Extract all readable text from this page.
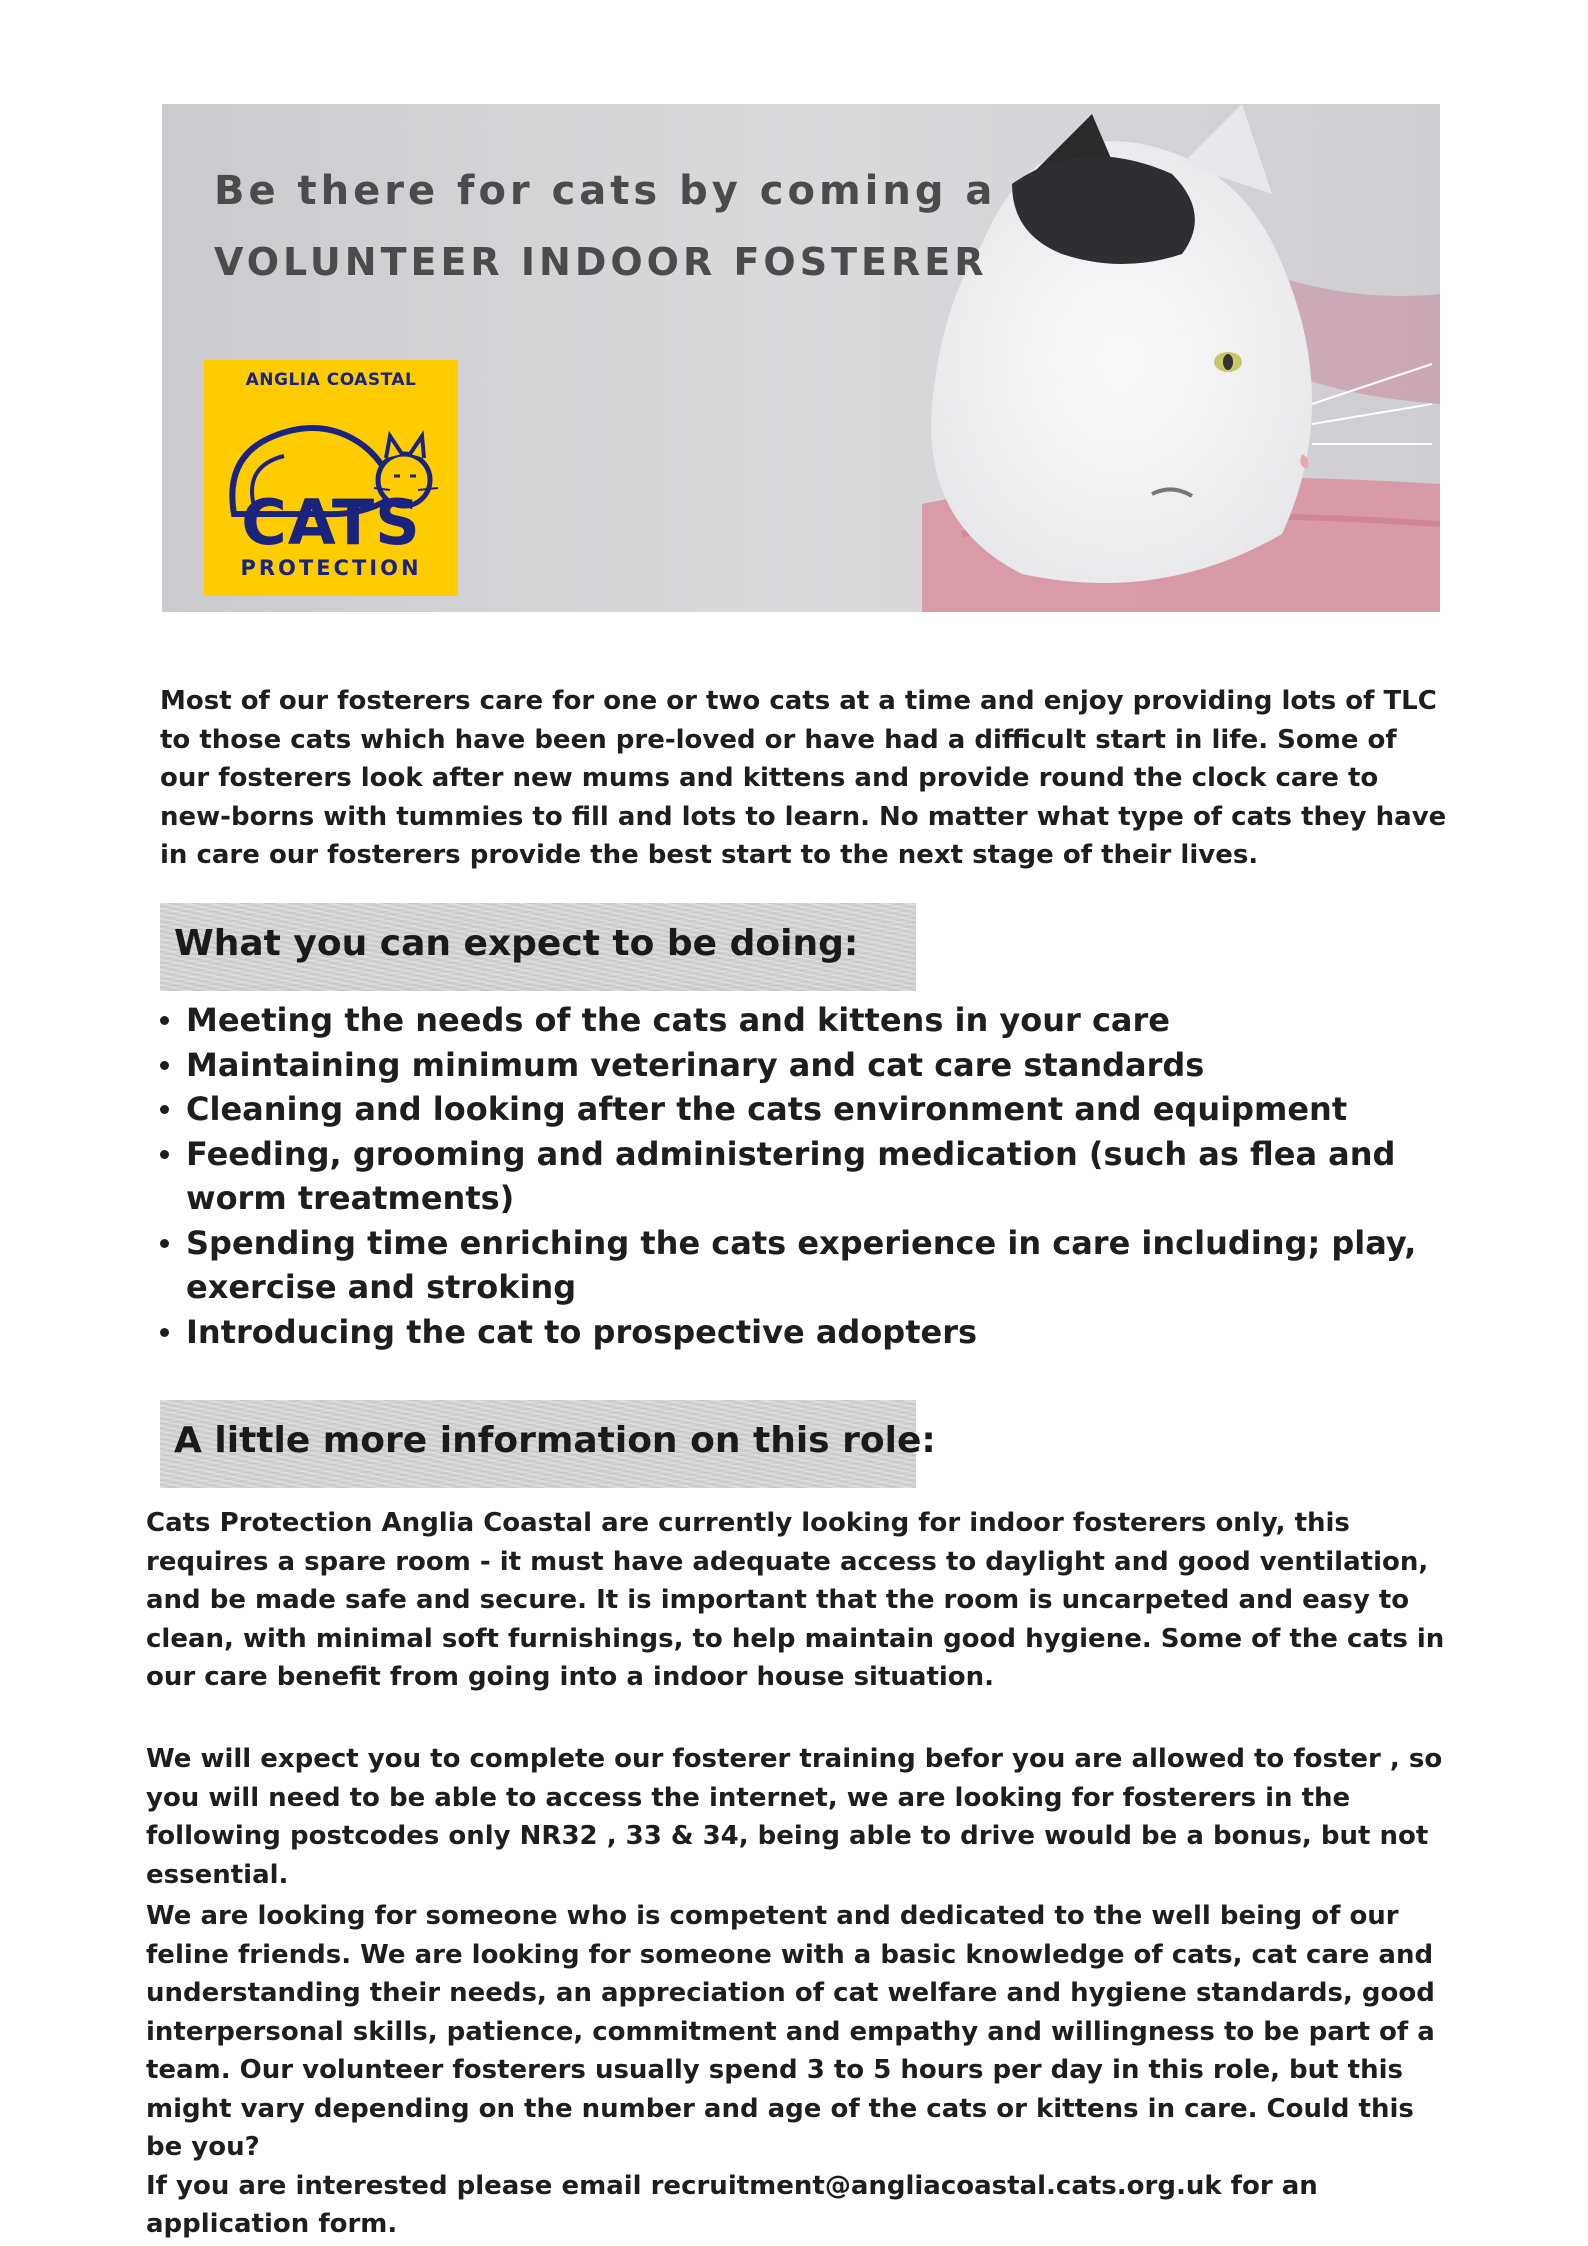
Be there for cats by coming a
VOLUNTEER INDOOR FOSTERER
ANGLIA COASTAL
CATS
PROTECTION

Most of our fosterers care for one or two cats at a time and enjoy providing lots of TLC to those cats which have been pre-loved or have had a difficult start in life. Some of our fosterers look after new mums and kittens and provide round the clock care to new-borns with tummies to fill and lots to learn. No matter what type of cats they have in care our fosterers provide the best start to the next stage of their lives.

What you can expect to be doing:
Meeting the needs of the cats and kittens in your care
Maintaining minimum veterinary and cat care standards
Cleaning and looking after the cats environment and equipment
Feeding, grooming and administering medication (such as flea and worm treatments)
Spending time enriching the cats experience in care including; play, exercise and stroking
Introducing the cat to prospective adopters
A little more information on this role:

Cats Protection Anglia Coastal are currently looking for indoor fosterers only, this requires a spare room - it must have adequate access to daylight and good ventilation, and be made safe and secure. It is important that the room is uncarpeted and easy to clean, with minimal soft furnishings, to help maintain good hygiene. Some of the cats in our care benefit from going into a indoor house situation.

We will expect you to complete our fosterer training befor you are allowed to foster , so you will need to be able to access the internet, we are looking for fosterers in the following postcodes only NR32 , 33 & 34, being able to drive would be a bonus, but not essential.

We are looking for someone who is competent and dedicated to the well being of our feline friends. We are looking for someone with a basic knowledge of cats, cat care and understanding their needs, an appreciation of cat welfare and hygiene standards, good interpersonal skills, patience, commitment and empathy and willingness to be part of a team. Our volunteer fosterers usually spend 3 to 5 hours per day in this role, but this might vary depending on the number and age of the cats or kittens in care. Could this be you?
If you are interested please email recruitment@angliacoastal.cats.org.uk for an application form.
